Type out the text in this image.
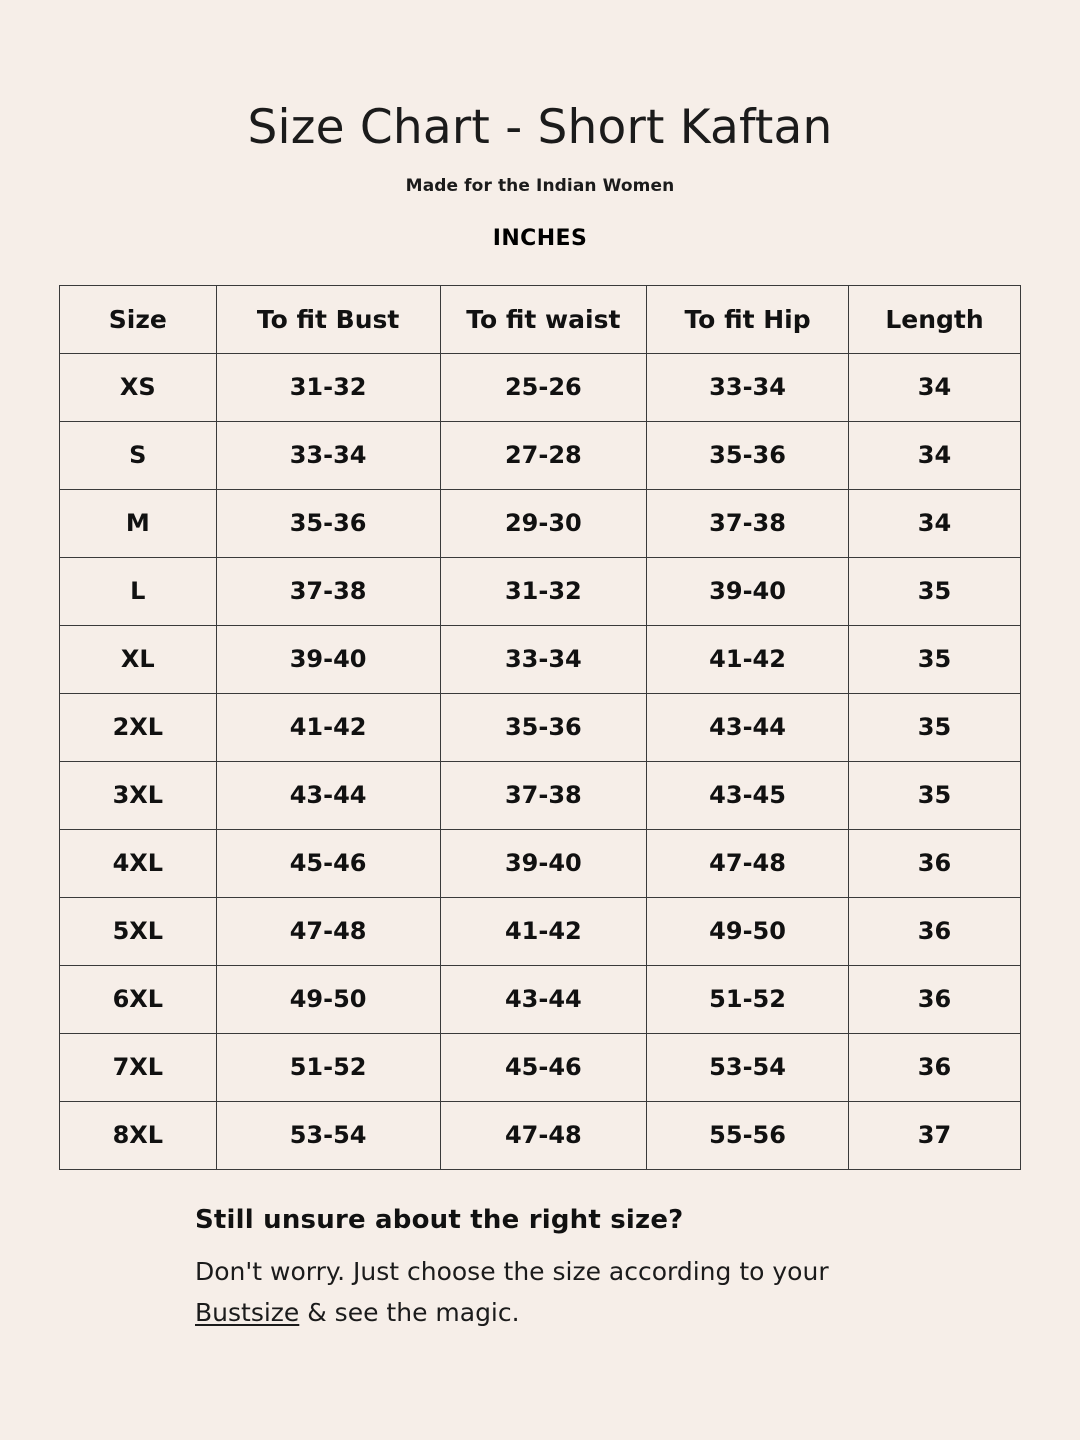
Size Chart - Short Kaftan
Made for the Indian Women
INCHES
Size	To fit Bust	To fit waist	To fit Hip	Length
XS	31-32	25-26	33-34	34
S	33-34	27-28	35-36	34
M	35-36	29-30	37-38	34
L	37-38	31-32	39-40	35
XL	39-40	33-34	41-42	35
2XL	41-42	35-36	43-44	35
3XL	43-44	37-38	43-45	35
4XL	45-46	39-40	47-48	36
5XL	47-48	41-42	49-50	36
6XL	49-50	43-44	51-52	36
7XL	51-52	45-46	53-54	36
8XL	53-54	47-48	55-56	37
Still unsure about the right size?

Don't worry. Just choose the size according to your

Bustsize & see the magic.
